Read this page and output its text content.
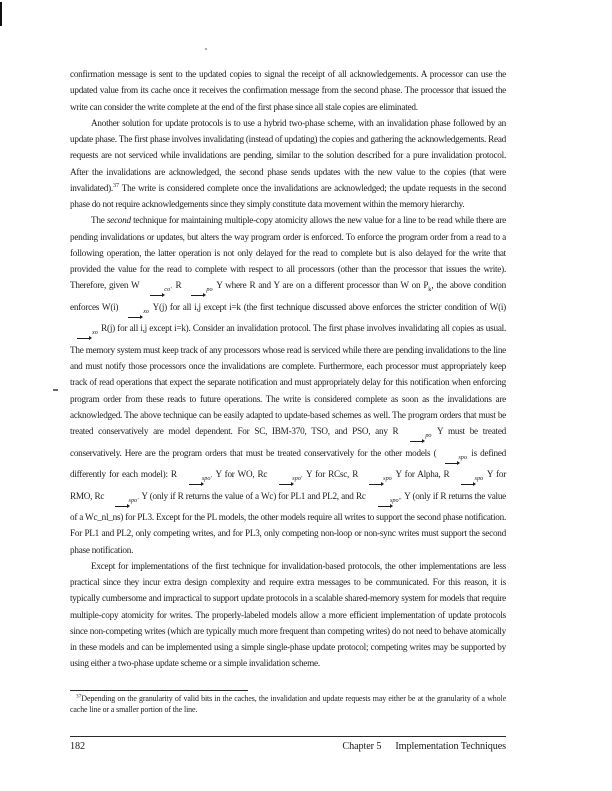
confirmation message is sent to the updated copies to signal the receipt of all acknowledgements. A processor can use the updated value from its cache once it receives the confirmation message from the second phase. The processor that issued the write can consider the write complete at the end of the first phase since all stale copies are eliminated.

Another solution for update protocols is to use a hybrid two-phase scheme, with an invalidation phase followed by an update phase. The first phase involves invalidating (instead of updating) the copies and gathering the acknowledgements. Read requests are not serviced while invalidations are pending, similar to the solution described for a pure invalidation protocol. After the invalidations are acknowledged, the second phase sends updates with the new value to the copies (that were invalidated).$^{37}$ The write is considered complete once the invalidations are acknowledged; the update requests in the second phase do not require acknowledgements since they simply constitute data movement within the memory hierarchy.

The second technique for maintaining multiple-copy atomicity allows the new value for a line to be read while there are pending invalidations or updates, but alters the way program order is enforced. To enforce the program order from a read to a following operation, the latter operation is not only delayed for the read to complete but is also delayed for the write that provided the value for the read to complete with respect to all processors (other than the processor that issues the write). Therefore, given W	co' R	po Y where R and Y are on a different processor than W on $P_k$, the above condition enforces W(i)	xo Y(j) for all i,j except i=k (the first technique discussed above enforces the stricter condition of W(i)
xo R(j) for all i,j except i=k). Consider an invalidation protocol. The first phase involves invalidating all copies as usual. The memory system must keep track of any processors whose read is serviced while there are pending invalidations to the line and must notify those processors once the invalidations are complete. Furthermore, each processor must appropriately keep track of read operations that expect the separate notification and must appropriately delay for this notification when enforcing program order from these reads to future operations. The write is considered complete as soon as the invalidations are acknowledged. The above technique can be easily adapted to update-based schemes as well. The program orders that must be treated conservatively are model dependent. For SC, IBM-370, TSO, and PSO, any R	po Y must be treated conservatively. Here are the program orders that must be treated conservatively for the other models (	spo is defined differently for each model): R	spo' Y for WO, Rc	spo' Y for RCsc, R	spo Y for Alpha, R	spo Y for RMO, Rc	spo' Y (only if R returns the value of a Wc) for PL1 and PL2, and Rc	spo'' Y (only if R returns the value of a Wc_nl_ns) for PL3. Except for the PL models, the other models require all writes to support the second phase notification. For PL1 and PL2, only competing writes, and for PL3, only competing non-loop or non-sync writes must support the second phase notification.

Except for implementations of the first technique for invalidation-based protocols, the other implementations are less practical since they incur extra design complexity and require extra messages to be communicated. For this reason, it is typically cumbersome and impractical to support update protocols in a scalable shared-memory system for models that require multiple-copy atomicity for writes. The properly-labeled models allow a more efficient implementation of update protocols since non-competing writes (which are typically much more frequent than competing writes) do not need to behave atomically in these models and can be implemented using a simple single-phase update protocol; competing writes may be supported by using either a two-phase update scheme or a simple invalidation scheme.

$^{37}$Depending on the granularity of valid bits in the caches, the invalidation and update requests may either be at the granularity of a whole cache line or a smaller portion of the line.

182	Chapter 5 Implementation Techniques
